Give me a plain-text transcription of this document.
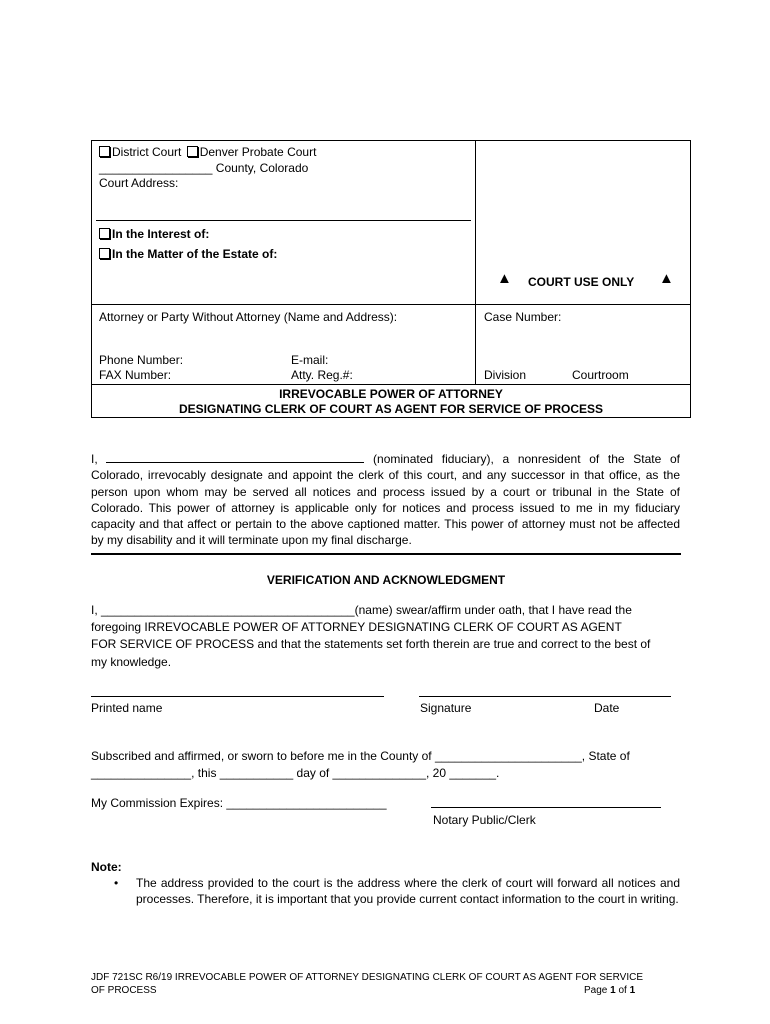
District Court Denver Probate Court
_________________ County, Colorado
Court Address:
In the Interest of:
In the Matter of the Estate of:
▲ COURT USE ONLY ▲
Attorney or Party Without Attorney (Name and Address):	Case Number:
Phone Number:	E-mail:
FAX Number:	Atty. Reg.#:	Division	Courtroom
IRREVOCABLE POWER OF ATTORNEY
DESIGNATING CLERK OF COURT AS AGENT FOR SERVICE OF PROCESS
I,	(nominated fiduciary), a nonresident of the State of Colorado, irrevocably designate and appoint the clerk of this court, and any successor in that office, as the person upon whom may be served all notices and process issued by a court or tribunal in the State of Colorado. This power of attorney is applicable only for notices and process issued to me in my fiduciary capacity and that affect or pertain to the above captioned matter. This power of attorney must not be affected by my disability and it will terminate upon my final discharge.
VERIFICATION AND ACKNOWLEDGMENT
I, ______________________________________(name) swear/affirm under oath, that I have read the
foregoing IRREVOCABLE POWER OF ATTORNEY DESIGNATING CLERK OF COURT AS AGENT
FOR SERVICE OF PROCESS and that the statements set forth therein are true and correct to the best of
my knowledge.
Printed name	Signature	Date
Subscribed and affirmed, or sworn to before me in the County of ______________________, State of
_______________, this ___________ day of ______________, 20 _______.
My Commission Expires: ________________________
Notary Public/Clerk
Note:
• The address provided to the court is the address where the clerk of court will forward all notices and processes. Therefore, it is important that you provide current contact information to the court in writing.
JDF 721SC R6/19 IRREVOCABLE POWER OF ATTORNEY DESIGNATING CLERK OF COURT AS AGENT FOR SERVICE
OF PROCESS	Page 1 of 1
